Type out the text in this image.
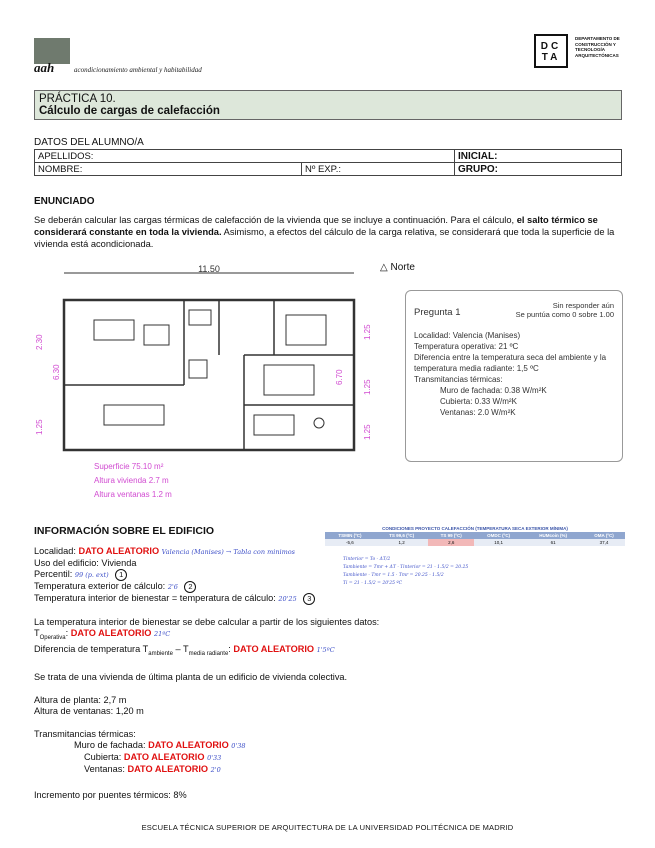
aah	acondicionamiento ambiental y habitabilidad
DC TA
DEPARTAMENTO DE CONSTRUCCIÓN Y TECNOLOGÍA ARQUITECTÓNICAS
PRÁCTICA 10.
Cálculo de cargas de calefacción
DATOS DEL ALUMNO/A
APELLIDOS:		INICIAL:
NOMBRE:	Nº EXP.:	GRUPO:
ENUNCIADO
Se deberán calcular las cargas térmicas de calefacción de la vivienda que se incluye a continuación. Para el cálculo, el salto térmico se considerará constante en toda la vivienda. Asimismo, a efectos del cálculo de la carga relativa, se considerará que toda la superficie de la vivienda está acondicionada.
11.50
2.30
6.30
1.25
1.25
6.70
1.25
1.25
Superficie 75.10 m²
Altura vivienda 2.7 m
Altura ventanas 1.2 m
△ Norte
Sin responder aún
Se puntúa como 0 sobre 1.00
Pregunta 1
Localidad: Valencia (Manises)
Temperatura operativa: 21 ºC
Diferencia entre la temperatura seca del ambiente y la temperatura media radiante: 1,5 ºC
Transmitancias térmicas:
Muro de fachada: 0.38 W/m²K
Cubierta: 0.33 W/m²K
Ventanas: 2.0 W/m²K
INFORMACIÓN SOBRE EL EDIFICIO	CONDICIONES PROYECTO CALEFACCIÓN (TEMPERATURA SECA EXTERIOR MÍNIMA)
TSMIN (ºC)	TS 99,6 (ºC)	TS 99 (ºC)	OMDC (ºC)	HUMcoin (%)	OMA (ºC)
-5,6	1,2	2,6	10,1	61	37,4
Tinterior = To - ΔT/2
Tambiente = Tmr + ΔT · Tinterior = 21 - 1.5/2 = 20.25
Tambiente - Tmr = 1.5 · Tmr = 20.25 - 1.5/2
Ti = 21 - 1.5/2 = 20'25 ºC
Localidad: DATO ALEATORIO Valencia (Manises) → Tabla con minimos
Uso del edificio: Vivienda
Percentil: 99 (p. ext) 1
Temperatura exterior de cálculo: 2'6 2
Temperatura interior de bienestar = temperatura de cálculo: 20'25 3
La temperatura interior de bienestar se debe calcular a partir de los siguientes datos:
$T_{Operativa}$: DATO ALEATORIO 21ºC
Diferencia de temperatura $T_{ambiente} - T_{media radiante}$: DATO ALEATORIO 1'5ºC
Se trata de una vivienda de última planta de un edificio de vivienda colectiva.
Altura de planta: 2,7 m
Altura de ventanas: 1,20 m
Transmitancias térmicas:
Muro de fachada: DATO ALEATORIO 0'38
Cubierta: DATO ALEATORIO 0'33
Ventanas: DATO ALEATORIO 2'0
Incremento por puentes térmicos: 8%
ESCUELA TÉCNICA SUPERIOR DE ARQUITECTURA DE LA UNIVERSIDAD POLITÉCNICA DE MADRID
